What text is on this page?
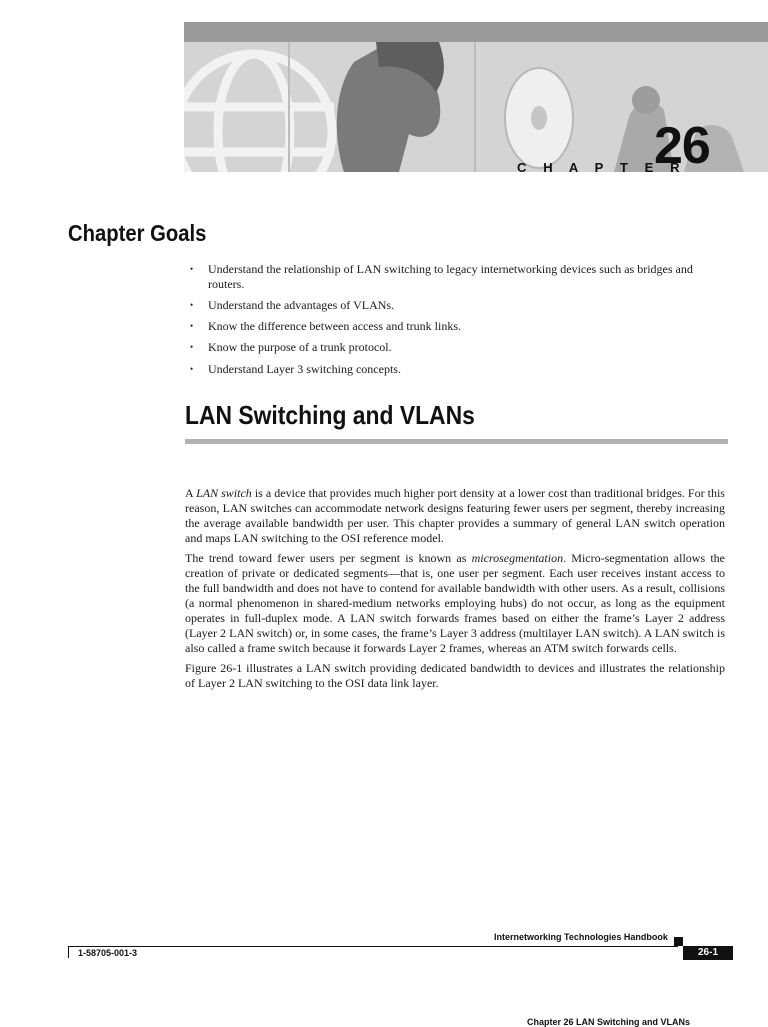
C H A P T E R
26
Chapter Goals
• Understand the relationship of LAN switching to legacy internetworking devices such as bridges and routers.
• Understand the advantages of VLANs.
• Know the difference between access and trunk links.
• Know the purpose of a trunk protocol.
• Understand Layer 3 switching concepts.
LAN Switching and VLANs

A LAN switch is a device that provides much higher port density at a lower cost than traditional bridges. For this reason, LAN switches can accommodate network designs featuring fewer users per segment, thereby increasing the average available bandwidth per user. This chapter provides a summary of general LAN switch operation and maps LAN switching to the OSI reference model.

The trend toward fewer users per segment is known as microsegmentation. Micro-segmentation allows the creation of private or dedicated segments—that is, one user per segment. Each user receives instant access to the full bandwidth and does not have to contend for available bandwidth with other users. As a result, collisions (a normal phenomenon in shared-medium networks employing hubs) do not occur, as long as the equipment operates in full-duplex mode. A LAN switch forwards frames based on either the frame’s Layer 2 address (Layer 2 LAN switch) or, in some cases, the frame’s Layer 3 address (multilayer LAN switch). A LAN switch is also called a frame switch because it forwards Layer 2 frames, whereas an ATM switch forwards cells.

Figure 26-1 illustrates a LAN switch providing dedicated bandwidth to devices and illustrates the relationship of Layer 2 LAN switching to the OSI data link layer.

Internetworking Technologies Handbook
1-58705-001-3	26-1
Chapter 26 LAN Switching and VLANs
